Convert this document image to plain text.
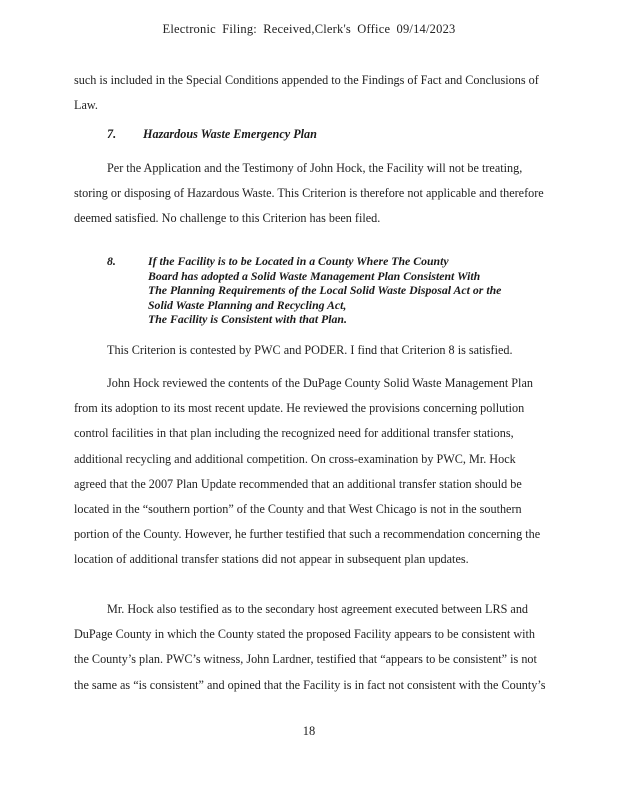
Electronic Filing: Received,Clerk's Office 09/14/2023

such is included in the Special Conditions appended to the Findings of Fact and Conclusions of Law.

7. Hazardous Waste Emergency Plan

Per the Application and the Testimony of John Hock, the Facility will not be treating, storing or disposing of Hazardous Waste. This Criterion is therefore not applicable and therefore deemed satisfied. No challenge to this Criterion has been filed.

8.	If the Facility is to be Located in a County Where The County
Board has adopted a Solid Waste Management Plan Consistent With
The Planning Requirements of the Local Solid Waste Disposal Act or the
Solid Waste Planning and Recycling Act,
The Facility is Consistent with that Plan.

This Criterion is contested by PWC and PODER. I find that Criterion 8 is satisfied.

John Hock reviewed the contents of the DuPage County Solid Waste Management Plan from its adoption to its most recent update. He reviewed the provisions concerning pollution control facilities in that plan including the recognized need for additional transfer stations, additional recycling and additional competition. On cross-examination by PWC, Mr. Hock agreed that the 2007 Plan Update recommended that an additional transfer station should be located in the “southern portion” of the County and that West Chicago is not in the southern portion of the County. However, he further testified that such a recommendation concerning the location of additional transfer stations did not appear in subsequent plan updates.

Mr. Hock also testified as to the secondary host agreement executed between LRS and DuPage County in which the County stated the proposed Facility appears to be consistent with the County’s plan. PWC’s witness, John Lardner, testified that “appears to be consistent” is not the same as “is consistent” and opined that the Facility is in fact not consistent with the County’s

18
